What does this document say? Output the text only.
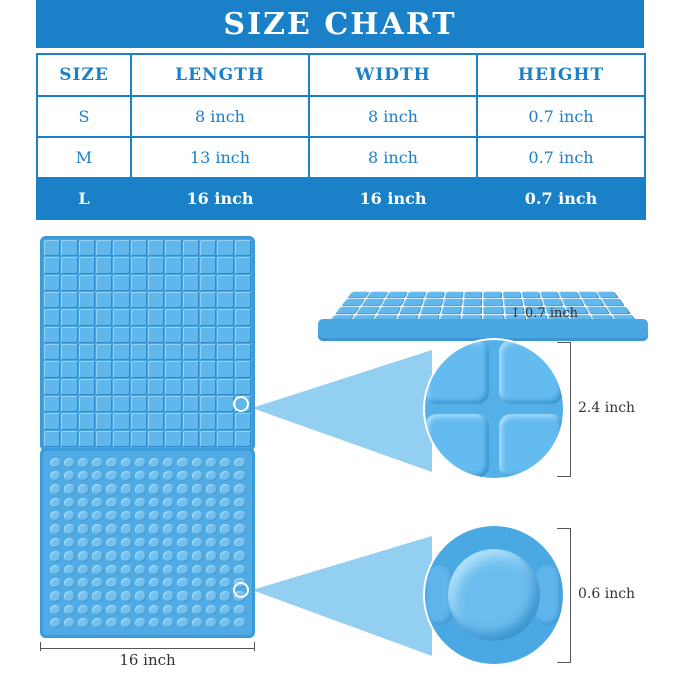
SIZE CHART
SIZE	LENGTH	WIDTH	HEIGHT
S	8 inch	8 inch	0.7 inch
M	13 inch	8 inch	0.7 inch
L	16 inch	16 inch	0.7 inch
↕ 0.7 inch
2.4 inch
0.6 inch
16 inch
